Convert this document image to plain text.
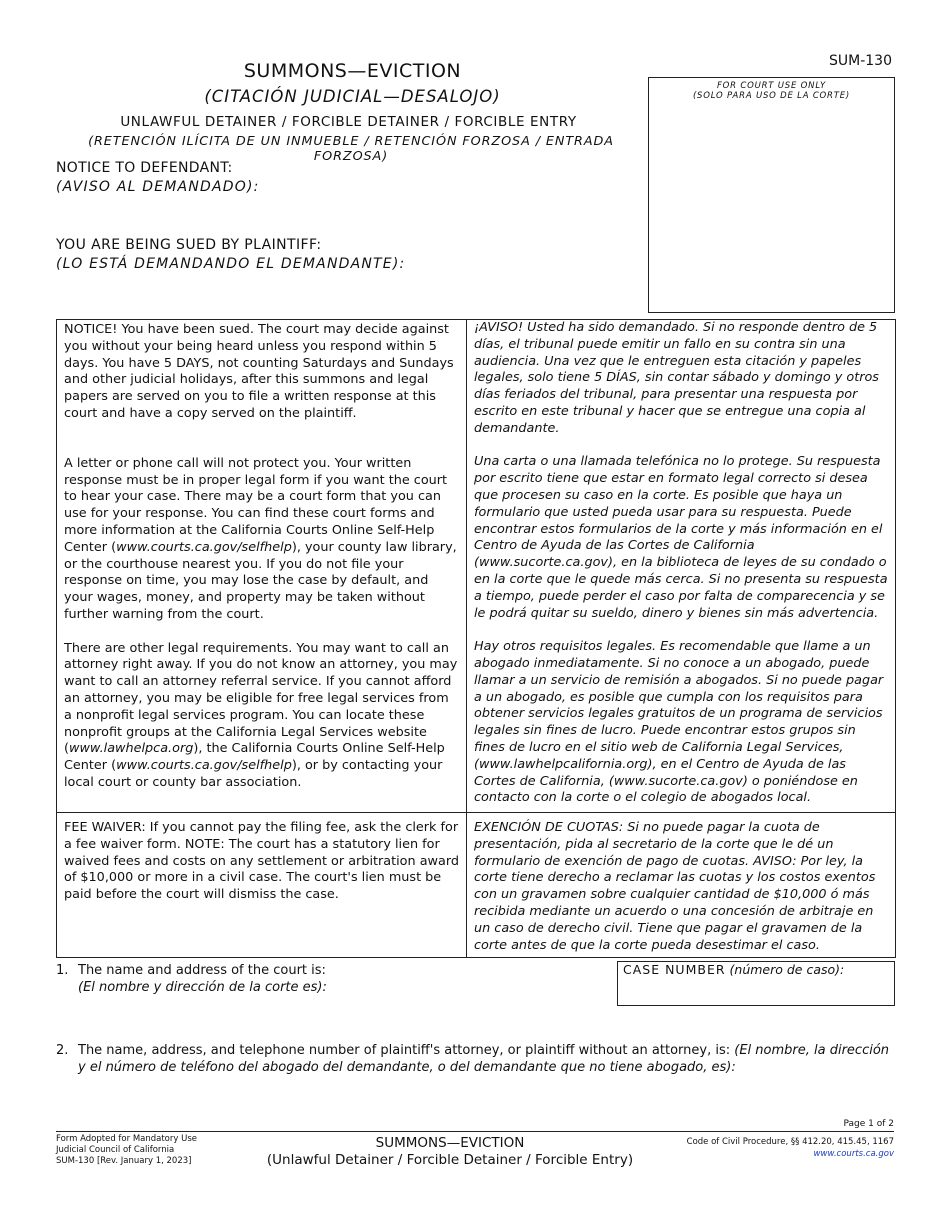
SUM-130
SUMMONS—EVICTION
(CITACIÓN JUDICIAL—DESALOJO)
UNLAWFUL DETAINER / FORCIBLE DETAINER / FORCIBLE ENTRY
(RETENCIÓN ILÍCITA DE UN INMUEBLE / RETENCIÓN FORZOSA / ENTRADA FORZOSA)
NOTICE TO DEFENDANT:
(AVISO AL DEMANDADO):
YOU ARE BEING SUED BY PLAINTIFF:
(LO ESTÁ DEMANDANDO EL DEMANDANTE):
FOR COURT USE ONLY
(SOLO PARA USO DE LA CORTE)

NOTICE! You have been sued. The court may decide against you without your being heard unless you respond within 5 days. You have 5 DAYS, not counting Saturdays and Sundays and other judicial holidays, after this summons and legal papers are served on you to file a written response at this court and have a copy served on the plaintiff.

A letter or phone call will not protect you. Your written response must be in proper legal form if you want the court to hear your case. There may be a court form that you can use for your response. You can find these court forms and more information at the California Courts Online Self-Help Center (www.courts.ca.gov/selfhelp), your county law library, or the courthouse nearest you. If you do not file your response on time, you may lose the case by default, and your wages, money, and property may be taken without further warning from the court.

There are other legal requirements. You may want to call an attorney right away. If you do not know an attorney, you may want to call an attorney referral service. If you cannot afford an attorney, you may be eligible for free legal services from a nonprofit legal services program. You can locate these nonprofit groups at the California Legal Services website (www.lawhelpca.org), the California Courts Online Self-Help Center (www.courts.ca.gov/selfhelp), or by contacting your local court or county bar association.

¡AVISO! Usted ha sido demandado. Si no responde dentro de 5 días, el tribunal puede emitir un fallo en su contra sin una audiencia. Una vez que le entreguen esta citación y papeles legales, solo tiene 5 DÍAS, sin contar sábado y domingo y otros días feriados del tribunal, para presentar una respuesta por escrito en este tribunal y hacer que se entregue una copia al demandante.

Una carta o una llamada telefónica no lo protege. Su respuesta por escrito tiene que estar en formato legal correcto si desea que procesen su caso en la corte. Es posible que haya un formulario que usted pueda usar para su respuesta. Puede encontrar estos formularios de la corte y más información en el Centro de Ayuda de las Cortes de California (www.sucorte.ca.gov), en la biblioteca de leyes de su condado o en la corte que le quede más cerca. Si no presenta su respuesta a tiempo, puede perder el caso por falta de comparecencia y se le podrá quitar su sueldo, dinero y bienes sin más advertencia.

Hay otros requisitos legales. Es recomendable que llame a un abogado inmediatamente. Si no conoce a un abogado, puede llamar a un servicio de remisión a abogados. Si no puede pagar a un abogado, es posible que cumpla con los requisitos para obtener servicios legales gratuitos de un programa de servicios legales sin fines de lucro. Puede encontrar estos grupos sin fines de lucro en el sitio web de California Legal Services, (www.lawhelpcalifornia.org), en el Centro de Ayuda de las Cortes de California, (www.sucorte.ca.gov) o poniéndose en contacto con la corte o el colegio de abogados local.

FEE WAIVER: If you cannot pay the filing fee, ask the clerk for a fee waiver form. NOTE: The court has a statutory lien for waived fees and costs on any settlement or arbitration award of $10,000 or more in a civil case. The court's lien must be paid before the court will dismiss the case.

EXENCIÓN DE CUOTAS: Si no puede pagar la cuota de presentación, pida al secretario de la corte que le dé un formulario de exención de pago de cuotas. AVISO: Por ley, la corte tiene derecho a reclamar las cuotas y los costos exentos con un gravamen sobre cualquier cantidad de $10,000 ó más recibida mediante un acuerdo o una concesión de arbitraje en un caso de derecho civil. Tiene que pagar el gravamen de la corte antes de que la corte pueda desestimar el caso.

1. The name and address of the court is:
(El nombre y dirección de la corte es):
CASE NUMBER (número de caso):
2. The name, address, and telephone number of plaintiff's attorney, or plaintiff without an attorney, is: (El nombre, la dirección y el número de teléfono del abogado del demandante, o del demandante que no tiene abogado, es):
Page 1 of 2
Form Adopted for Mandatory Use
Judicial Council of California
SUM-130 [Rev. January 1, 2023]
SUMMONS—EVICTION
(Unlawful Detainer / Forcible Detainer / Forcible Entry)
Code of Civil Procedure, §§ 412.20, 415.45, 1167
www.courts.ca.gov
